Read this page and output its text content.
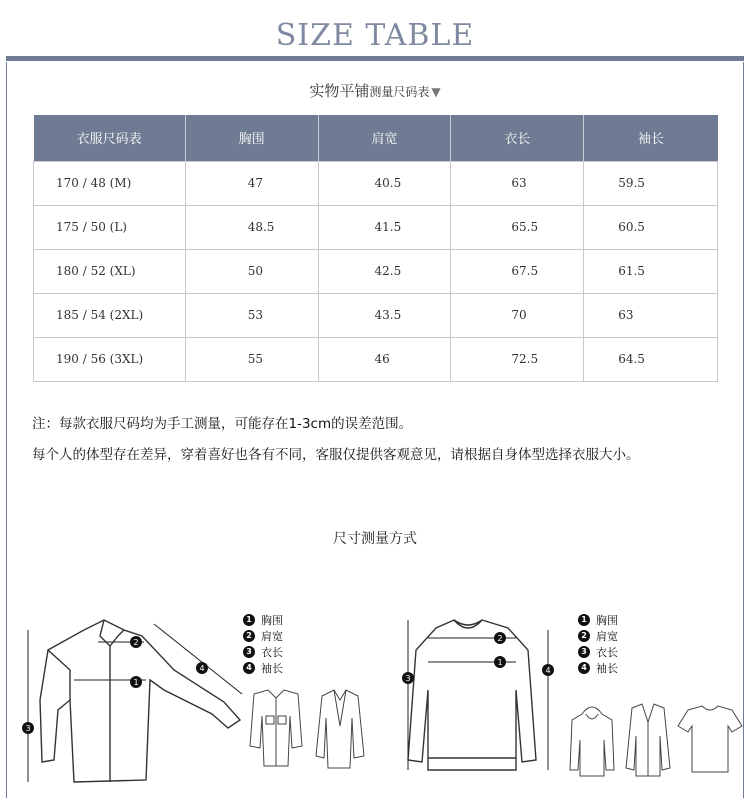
SIZE TABLE
实物平铺测量尺码表 ▼
衣服尺码表	胸围	肩宽	衣长	袖长
170 / 48 (M)	47	40.5	63	59.5
175 / 50 (L)	48.5	41.5	65.5	60.5
180 / 52 (XL)	50	42.5	67.5	61.5
185 / 54 (2XL)	53	43.5	70	63
190 / 56 (3XL)	55	46	72.5	64.5
注：每款衣服尺码均为手工测量，可能存在1-3cm的误差范围。
每个人的体型存在差异，穿着喜好也各有不同，客服仅提供客观意见，请根据自身体型选择衣服大小。
尺寸测量方式
1
2
3
4
1 胸围
2 肩宽
3 衣长
4 袖长
2
1
3
4
1 胸围
2 肩宽
3 衣长
4 袖长
